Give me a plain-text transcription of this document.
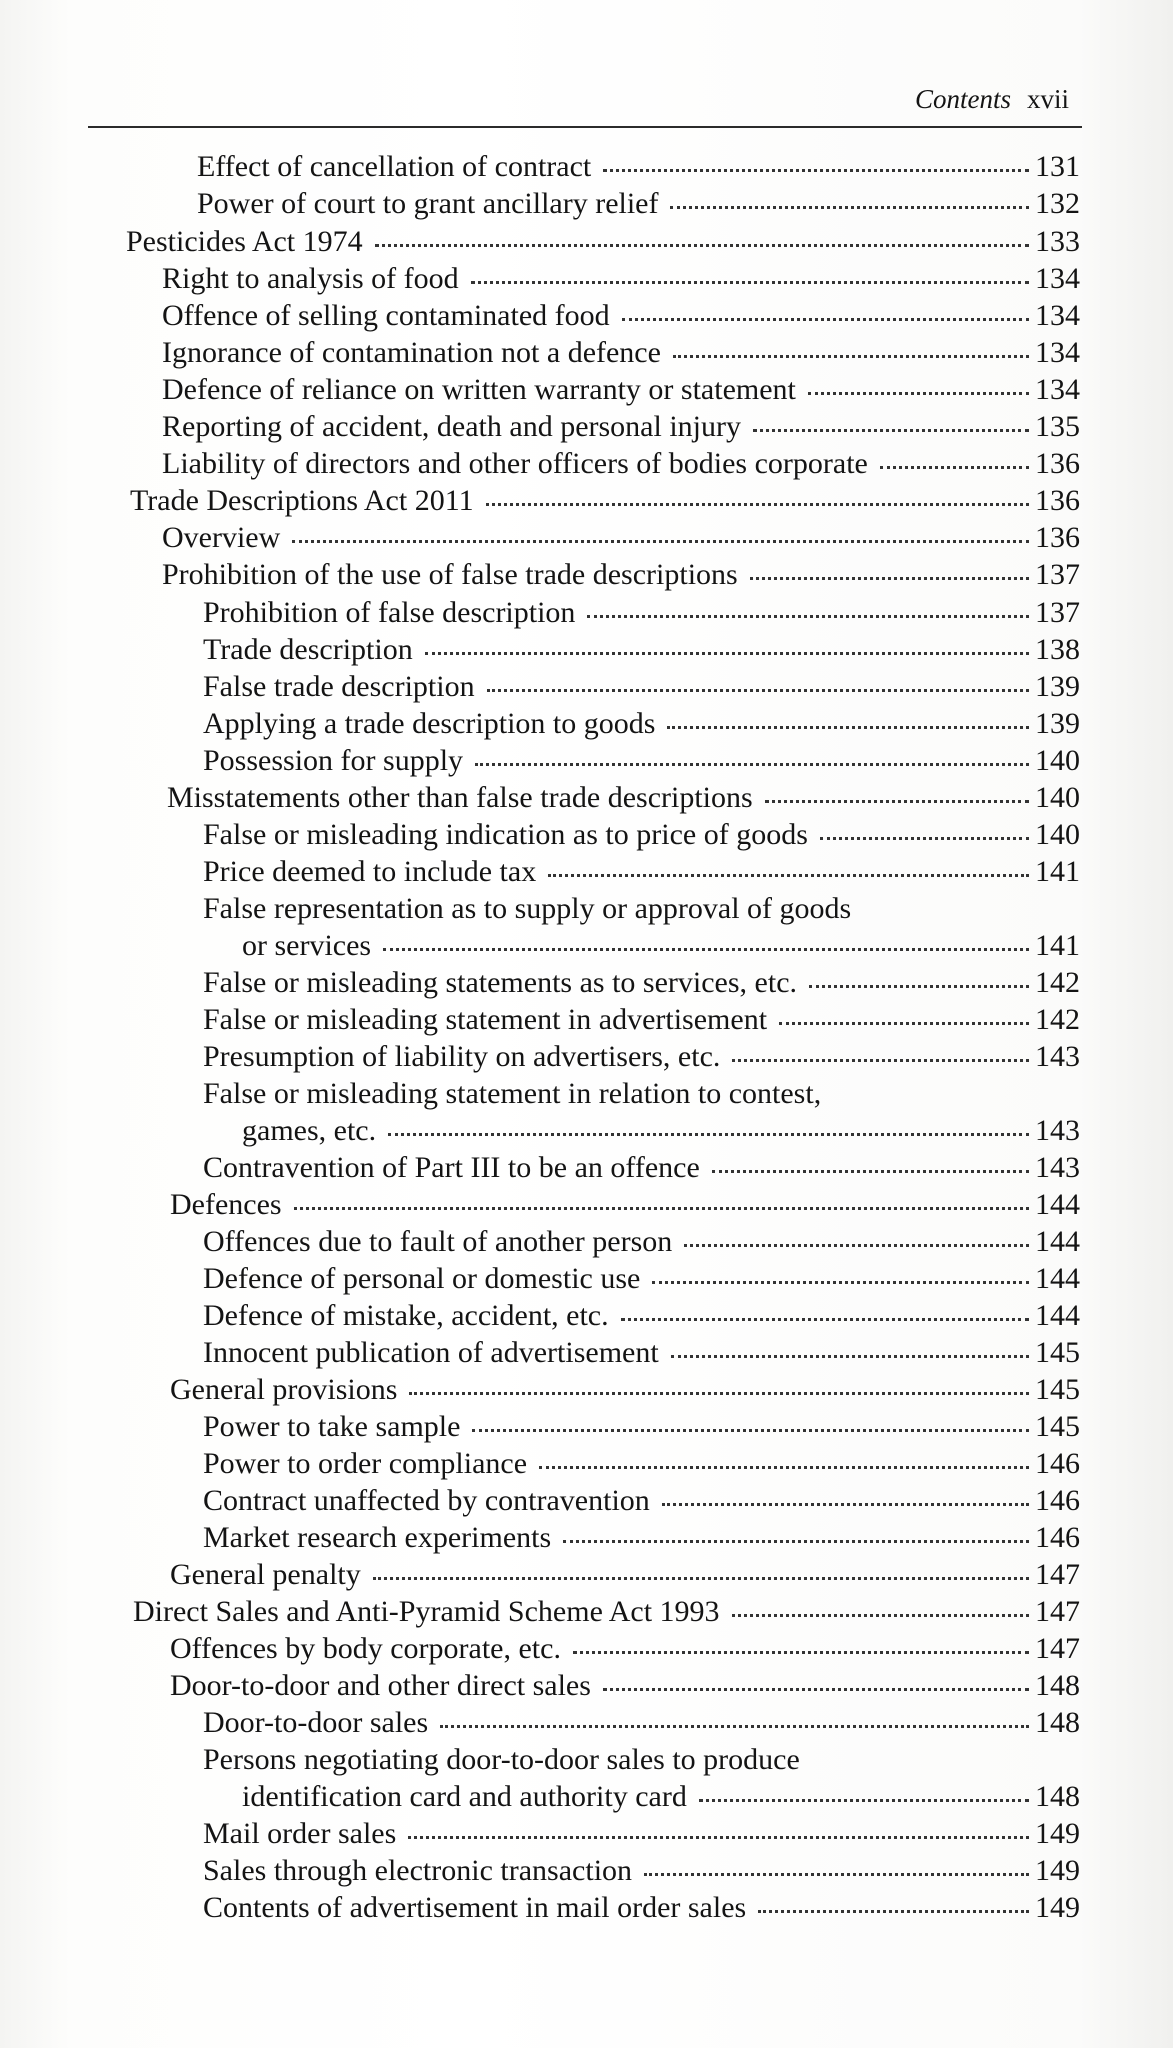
Contents xvii
Effect of cancellation of contract	131
Power of court to grant ancillary relief	132
Pesticides Act 1974	133
Right to analysis of food	134
Offence of selling contaminated food	134
Ignorance of contamination not a defence	134
Defence of reliance on written warranty or statement	134
Reporting of accident, death and personal injury	135
Liability of directors and other officers of bodies corporate	136
Trade Descriptions Act 2011	136
Overview	136
Prohibition of the use of false trade descriptions	137
Prohibition of false description	137
Trade description	138
False trade description	139
Applying a trade description to goods	139
Possession for supply	140
Misstatements other than false trade descriptions	140
False or misleading indication as to price of goods	140
Price deemed to include tax	141
False representation as to supply or approval of goods
or services	141
False or misleading statements as to services, etc.	142
False or misleading statement in advertisement	142
Presumption of liability on advertisers, etc.	143
False or misleading statement in relation to contest,
games, etc.	143
Contravention of Part III to be an offence	143
Defences	144
Offences due to fault of another person	144
Defence of personal or domestic use	144
Defence of mistake, accident, etc.	144
Innocent publication of advertisement	145
General provisions	145
Power to take sample	145
Power to order compliance	146
Contract unaffected by contravention	146
Market research experiments	146
General penalty	147
Direct Sales and Anti-Pyramid Scheme Act 1993	147
Offences by body corporate, etc.	147
Door-to-door and other direct sales	148
Door-to-door sales	148
Persons negotiating door-to-door sales to produce
identification card and authority card	148
Mail order sales	149
Sales through electronic transaction	149
Contents of advertisement in mail order sales	149
